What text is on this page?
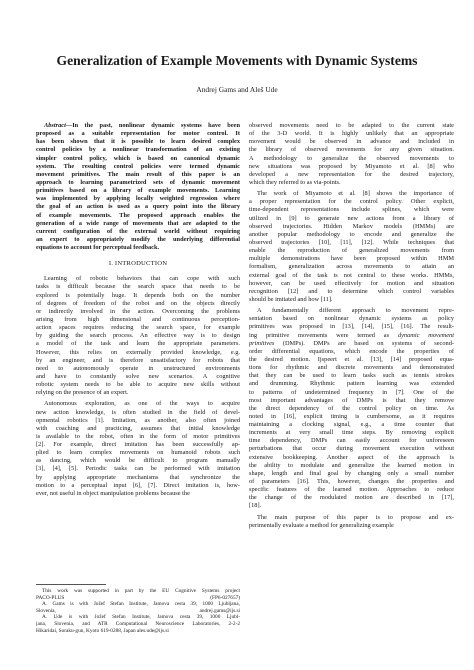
Generalization of Example Movements with Dynamic Systems
Andrej Gams and Aleš Ude
Abstract—In the past, nonlinear dynamic systems have been
proposed as a suitable representation for motor control. It
has been shown that it is possible to learn desired complex
control policies by a nonlinear transformation of an existing
simpler control policy, which is based on canonical dynamic
system. The resulting control policies were termed dynamic
movement primitives. The main result of this paper is an
approach to learning parametrized sets of dynamic movement
primitives based on a library of example movements. Learning
was implemented by applying locally weighted regression where
the goal of an action is used as a query point into the library
of example movements. The proposed approach enables the
generation of a wide range of movements that are adapted to the
current configuration of the external world without requiring
an expert to appropriately modify the underlying differential
equations to account for perceptual feedback.
I. INTRODUCTION
Learning of robotic behaviors that can cope with such
tasks is difficult because the search space that needs to be
explored is potentially huge. It depends both on the number
of degrees of freedom of the robot and on the objects directly
or indirectly involved in the action. Overcoming the problems
arising from high dimensional and continuous perception-
action spaces requires reducing the search space, for example
by guiding the search process. An effective way is to design
a model of the task and learn the appropriate parameters.
However, this relies on externally provided knowledge, e.g.
by an engineer, and is therefore unsatisfactory for robots that
need to autonomously operate in unstructured environments
and have to constantly solve new scenarios. A cognitive
robotic system needs to be able to acquire new skills without
relying on the presence of an expert.
Autonomous exploration, as one of the ways to acquire
new action knowledge, is often studied in the field of devel-
opmental robotics [1]. Imitation, as another, also often joined
with coaching and practicing, assumes that initial knowledge
is available to the robot, often in the form of motor primitives
[2]. For example, direct imitation has been successfully ap-
plied to learn complex movements on humanoid robots such
as dancing, which would be difficult to program manually
[3], [4], [5]. Periodic tasks can be performed with imitation
by applying appropriate mechanisms that synchronize the
motion to a perceptual input [6], [7]. Direct imitation is, how-
ever, not useful in object manipulation problems because the
This work was supported in part by the EU Cognitive Systems project
PACO-PLUS (FP6-027657)
A. Gams is with Jožef Stefan Institute, Jamova cesta 39, 1000 Ljubljana,
Slovenia, andrej.gams@ijs.si
A. Ude is with Jožef Stefan Institute, Jamova cesta 39, 1000 Ljubl-
jana, Slovenia, and ATR Computational Neuroscience Laboratories, 2-2-2
Hikaridai, Soraku-gun, Kyoto 619-0288, Japan ales.ude@ijs.si
observed movements need to be adapted to the current state
of the 3-D world. It is highly unlikely that an appropriate
movement would be observed in advance and included in
the library of observed movements for any given situation.
A methodology to generalize the observed movements to
new situations was proposed by Miyamoto et al. [8] who
developed a new representation for the desired trajectory,
which they referred to as via-points.
The work of Miyamoto et al. [8] shows the importance of
a proper representation for the control policy. Other explicit,
time-dependent representations include splines, which were
utilized in [9] to generate new actions from a library of
observed trajectories. Hidden Markov models (HMMs) are
another popular methodology to encode and generalize the
observed trajectories [10], [11], [12]. While techniques that
enable the reproduction of generalized movements from
multiple demonstrations have been proposed within HMM
formalism, generalization across movements to attain an
external goal of the task is not central to these works. HMMs,
however, can be used effectively for motion and situation
recognition [12] and to determine which control variables
should be imitated and how [11].
A fundamentally different approach to movement repre-
sentation based on nonlinear dynamic systems as policy
primitives was proposed in [13], [14], [15], [16]. The result-
ing primitive movements were termed as dynamic movement
primitives (DMPs). DMPs are based on systems of second-
order differential equations, which encode the properties of
the desired motion. Ijspeert et al. [13], [14] proposed equa-
tions for rhythmic and discrete movements and demonstrated
that they can be used to learn tasks such as tennis strokes
and drumming. Rhythmic pattern learning was extended
to patterns of undetermined frequency in [7]. One of the
most important advantages of DMPs is that they remove
the direct dependency of the control policy on time. As
noted in [16], explicit timing is cumbersome, as it requires
maintaining a clocking signal, e.g., a time counter that
increments at very small time steps. By removing explicit
time dependency, DMPs can easily account for unforeseen
perturbations that occur during movement execution without
extensive bookkeeping. Another aspect of the approach is
the ability to modulate and generalize the learned motion in
shape, length and final goal by changing only a small number
of parameters [16]. This, however, changes the properties and
specific features of the learned motion. Approaches to reduce
the change of the modulated motion are described in [17],
[18].
The main purpose of this paper is to propose and ex-
perimentally evaluate a method for generalizing example
